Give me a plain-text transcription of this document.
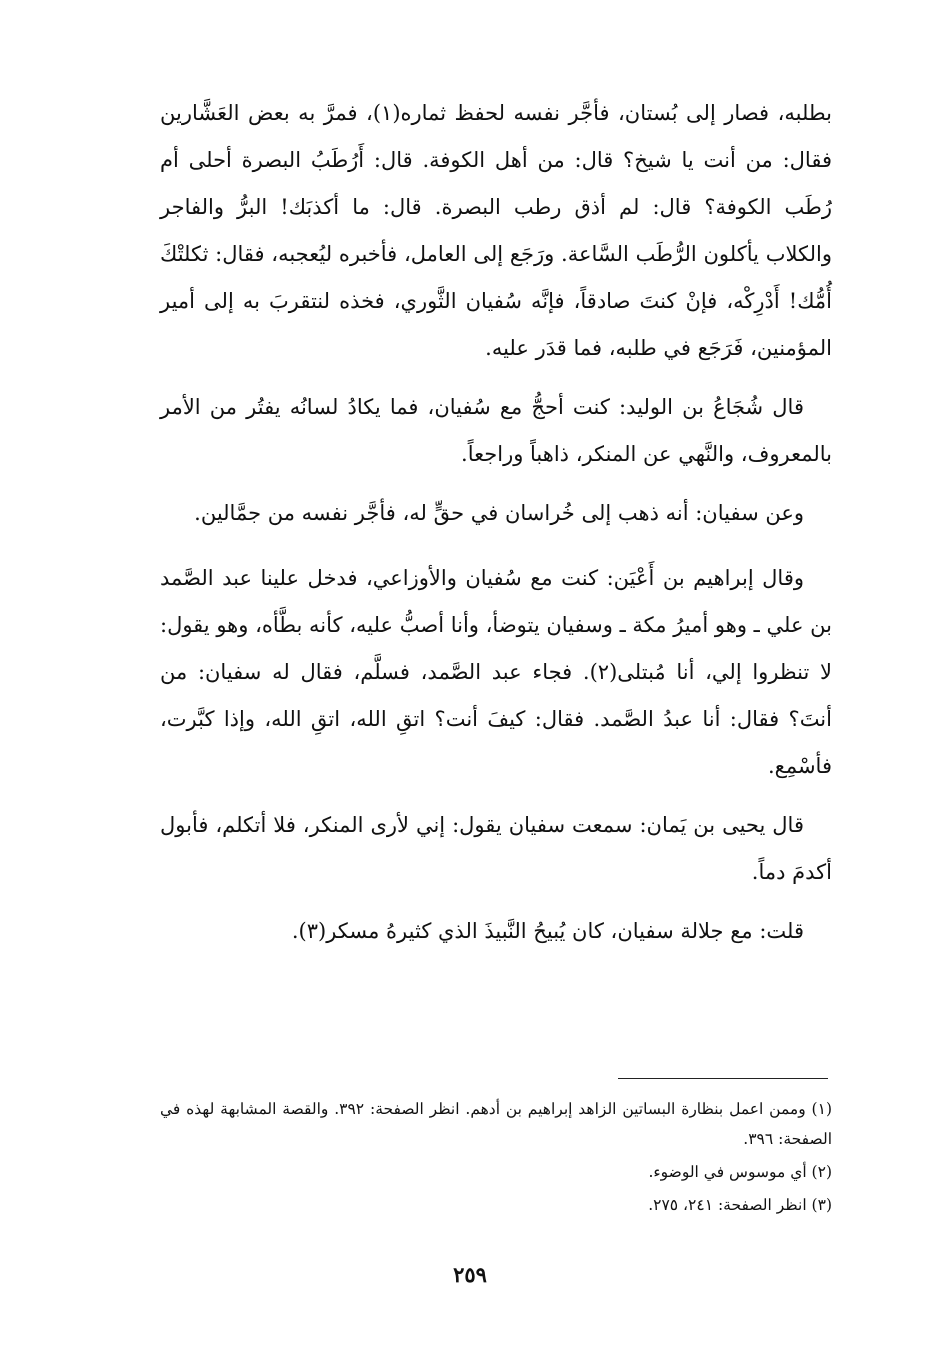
بطلبه، فصار إلى بُستان، فأجَّر نفسه لحفظ ثماره(١)، فمرَّ به بعض العَشَّارين فقال: من أنت يا شيخ؟ قال: من أهل الكوفة. قال: أَرُطَبُ البصرة أحلى أم رُطَب الكوفة؟ قال: لم أذق رطب البصرة. قال: ما أكذبَك! البرُّ والفاجر والكلاب يأكلون الرُّطَب السَّاعة. ورَجَع إلى العامل، فأخبره ليُعجبه، فقال: ثكلتْكَ أُمُّك! أَدْرِكْه، فإنْ كنتَ صادقاً، فإنَّه سُفيان الثَّوري، فخذه لنتقربَ به إلى أمير المؤمنين، فَرَجَع في طلبه، فما قدَر عليه.

قال شُجَاعُ بن الوليد: كنت أحجُّ مع سُفيان، فما يكادُ لسانُه يفتُر من الأمر بالمعروف، والنَّهي عن المنكر، ذاهباً وراجعاً.

وعن سفيان: أنه ذهب إلى خُراسان في حقٍّ له، فأجَّر نفسه من جمَّالين.

وقال إبراهيم بن أَعْيَن: كنت مع سُفيان والأوزاعي، فدخل علينا عبد الصَّمد بن علي ـ وهو أميرُ مكة ـ وسفيان يتوضأ، وأنا أصبُّ عليه، كأنه بطَّأه، وهو يقول: لا تنظروا إلي، أنا مُبتلى(٢). فجاء عبد الصَّمد، فسلَّم، فقال له سفيان: من أنتَ؟ فقال: أنا عبدُ الصَّمد. فقال: كيفَ أنت؟ اتقِ الله، اتقِ الله، وإذا كبَّرت، فأسْمِع.

قال يحيى بن يَمان: سمعت سفيان يقول: إني لأرى المنكر، فلا أتكلم، فأبول أكدمَ دماً.

قلت: مع جلالة سفيان، كان يُبيحُ النَّبيذَ الذي كثيرهُ مسكر(٣).

(١) وممن اعمل بنظارة البساتين الزاهد إبراهيم بن أدهم. انظر الصفحة: ٣٩٢. والقصة المشابهة لهذه في الصفحة: ٣٩٦.

(٢) أي موسوس في الوضوء.

(٣) انظر الصفحة: ٢٤١، ٢٧٥.

٢٥٩
